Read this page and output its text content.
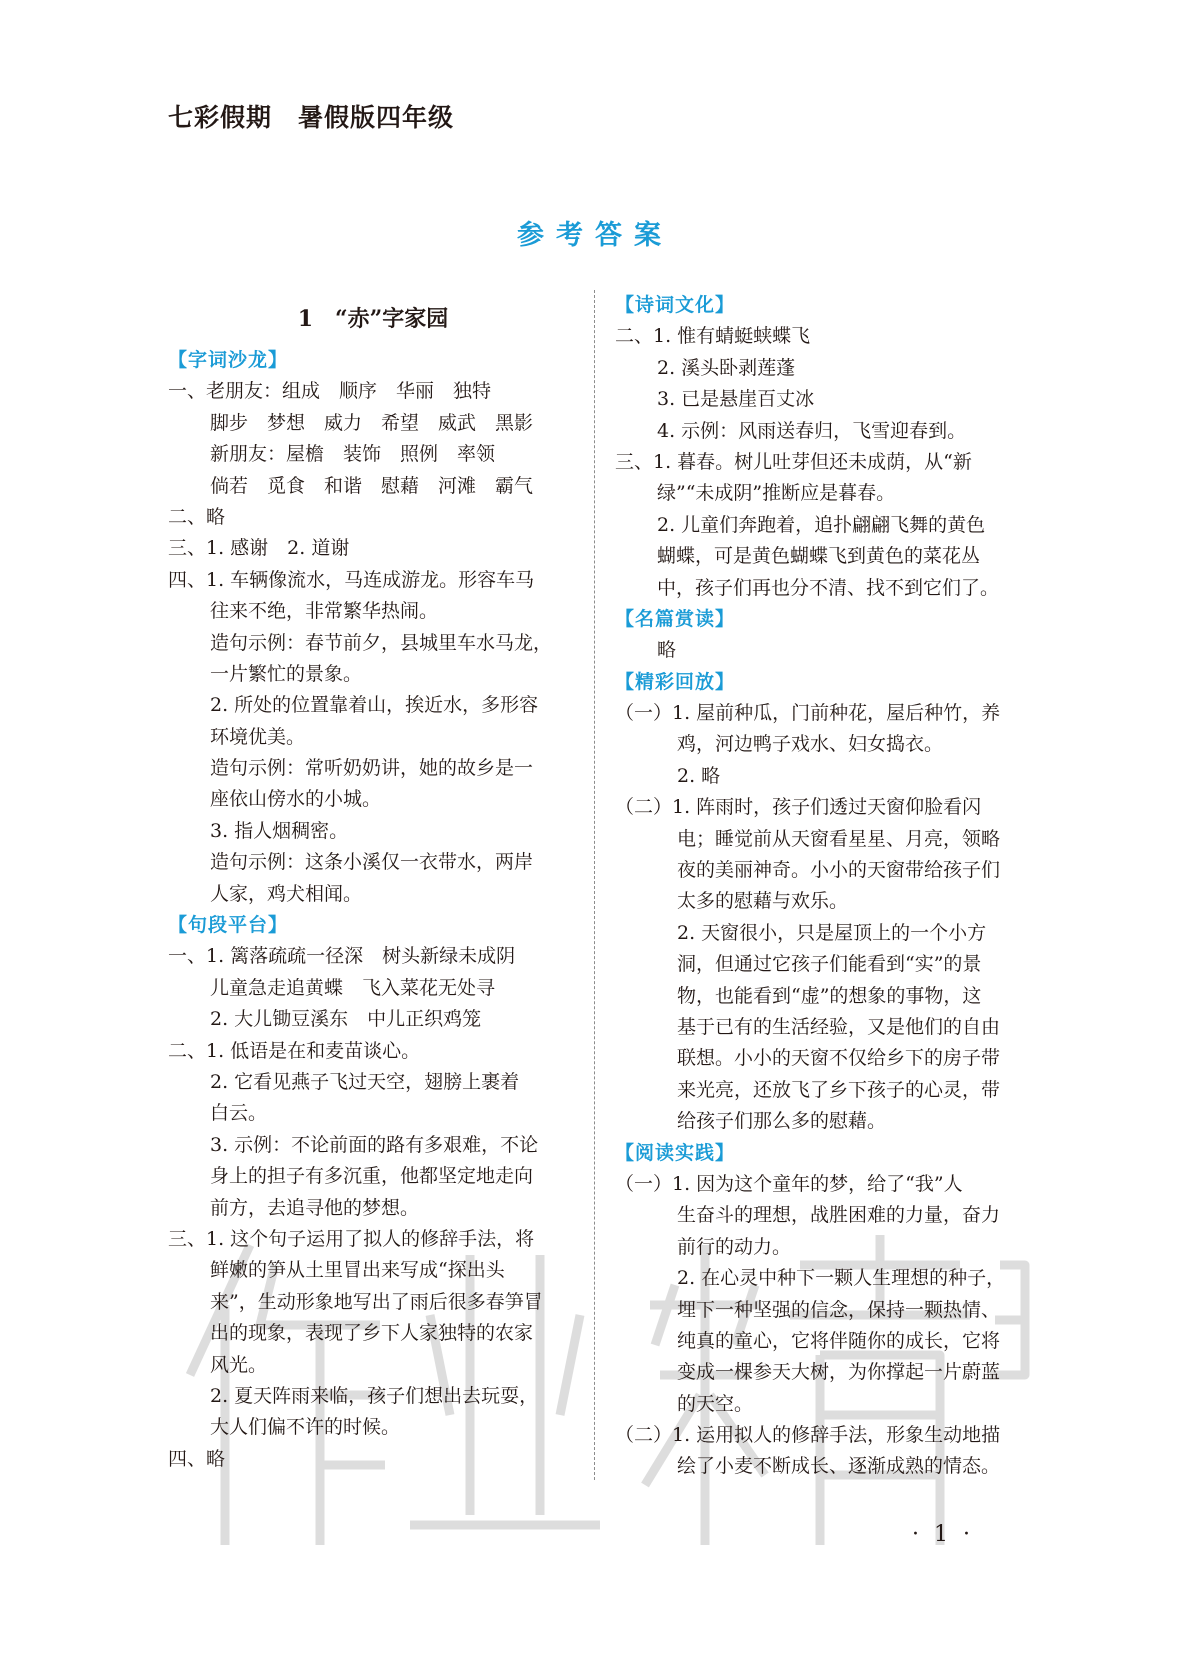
七彩假期　暑假版四年级
参考答案
1　“赤”字家园
【字词沙龙】
一、老朋友：组成　顺序　华丽　独特
脚步　梦想　威力　希望　威武　黑影
新朋友：屋檐　装饰　照例　率领
倘若　觅食　和谐　慰藉　河滩　霸气
二、略
三、1. 感谢　2. 道谢
四、1. 车辆像流水，马连成游龙。形容车马
往来不绝，非常繁华热闹。
造句示例：春节前夕，县城里车水马龙，
一片繁忙的景象。
2. 所处的位置靠着山，挨近水，多形容
环境优美。
造句示例：常听奶奶讲，她的故乡是一
座依山傍水的小城。
3. 指人烟稠密。
造句示例：这条小溪仅一衣带水，两岸
人家，鸡犬相闻。
【句段平台】
一、1. 篱落疏疏一径深　树头新绿未成阴
儿童急走追黄蝶　飞入菜花无处寻
2. 大儿锄豆溪东　中儿正织鸡笼
二、1. 低语是在和麦苗谈心。
2. 它看见燕子飞过天空，翅膀上裹着
白云。
3. 示例：不论前面的路有多艰难，不论
身上的担子有多沉重，他都坚定地走向
前方，去追寻他的梦想。
三、1. 这个句子运用了拟人的修辞手法，将
鲜嫩的笋从土里冒出来写成“探出头
来”，生动形象地写出了雨后很多春笋冒
出的现象，表现了乡下人家独特的农家
风光。
2. 夏天阵雨来临，孩子们想出去玩耍，
大人们偏不许的时候。
四、略
【诗词文化】
二、1. 惟有蜻蜓蛱蝶飞
2. 溪头卧剥莲蓬
3. 已是悬崖百丈冰
4. 示例：风雨送春归，飞雪迎春到。
三、1. 暮春。树儿吐芽但还未成荫，从“新
绿”“未成阴”推断应是暮春。
2. 儿童们奔跑着，追扑翩翩飞舞的黄色
蝴蝶，可是黄色蝴蝶飞到黄色的菜花丛
中，孩子们再也分不清、找不到它们了。
【名篇赏读】
略
【精彩回放】
（一）1. 屋前种瓜，门前种花，屋后种竹，养
鸡，河边鸭子戏水、妇女捣衣。
2. 略
（二）1. 阵雨时，孩子们透过天窗仰脸看闪
电；睡觉前从天窗看星星、月亮，领略
夜的美丽神奇。小小的天窗带给孩子们
太多的慰藉与欢乐。
2. 天窗很小，只是屋顶上的一个小方
洞，但通过它孩子们能看到“实”的景
物，也能看到“虚”的想象的事物，这
基于已有的生活经验，又是他们的自由
联想。小小的天窗不仅给乡下的房子带
来光亮，还放飞了乡下孩子的心灵，带
给孩子们那么多的慰藉。
【阅读实践】
（一）1. 因为这个童年的梦，给了“我”人
生奋斗的理想，战胜困难的力量，奋力
前行的动力。
2. 在心灵中种下一颗人生理想的种子，
埋下一种坚强的信念，保持一颗热情、
纯真的童心，它将伴随你的成长，它将
变成一棵参天大树，为你撑起一片蔚蓝
的天空。
（二）1. 运用拟人的修辞手法，形象生动地描
绘了小麦不断成长、逐渐成熟的情态。
· 1 ·
